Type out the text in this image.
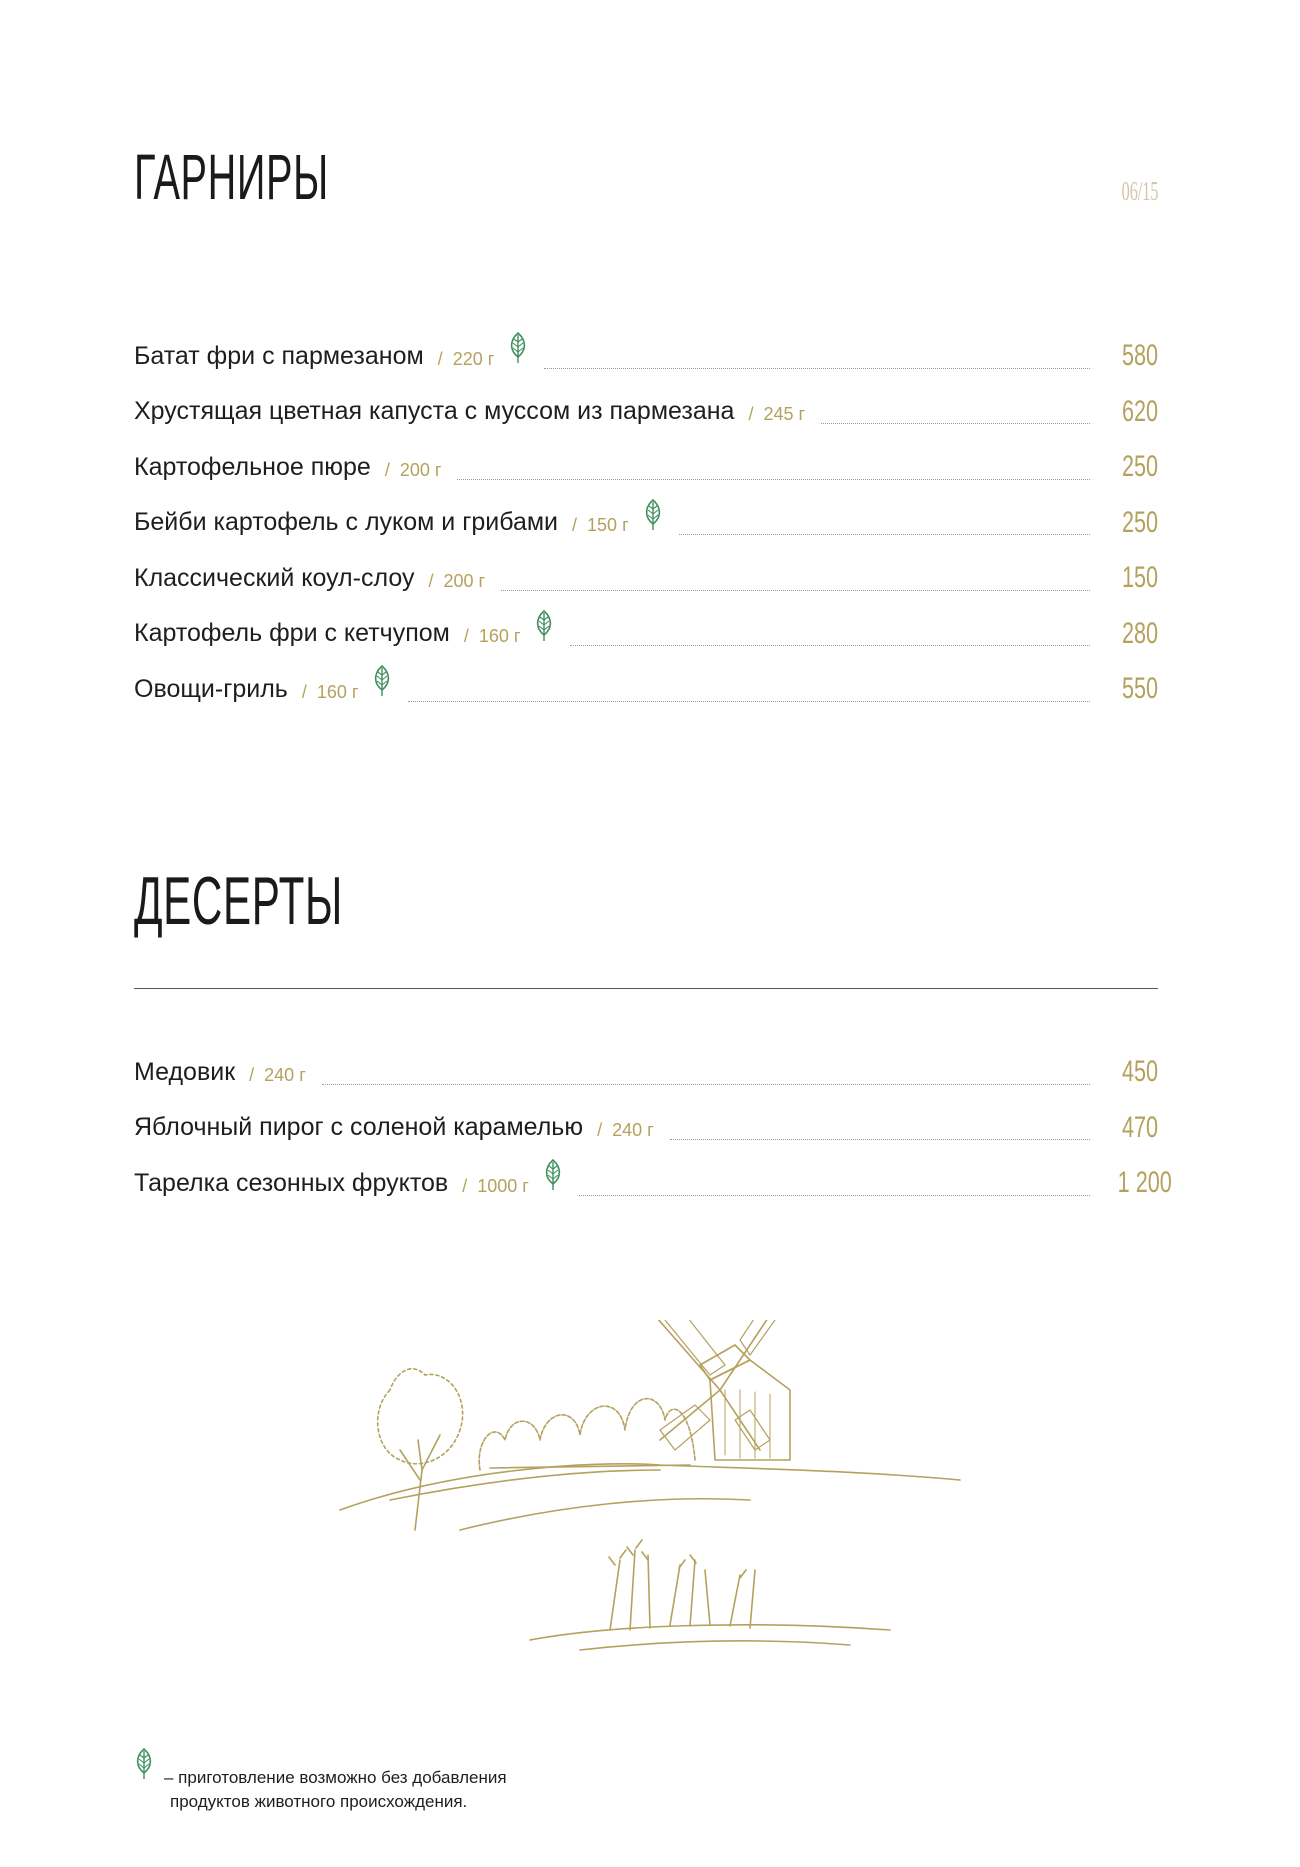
ГАРНИРЫ	06/15
Батат фри с пармезаном / 220 г	580
Хрустящая цветная капуста с муссом из пармезана / 245 г	620
Картофельное пюре / 200 г	250
Бейби картофель с луком и грибами / 150 г	250
Классический коул-слоу / 200 г	150
Картофель фри с кетчупом / 160 г	280
Овощи-гриль / 160 г	550
ДЕСЕРТЫ
Медовик / 240 г	450
Яблочный пирог с соленой карамелью / 240 г	470
Тарелка сезонных фруктов / 1000 г	1 200
– приготовление возможно без добавления
продуктов животного происхождения.
